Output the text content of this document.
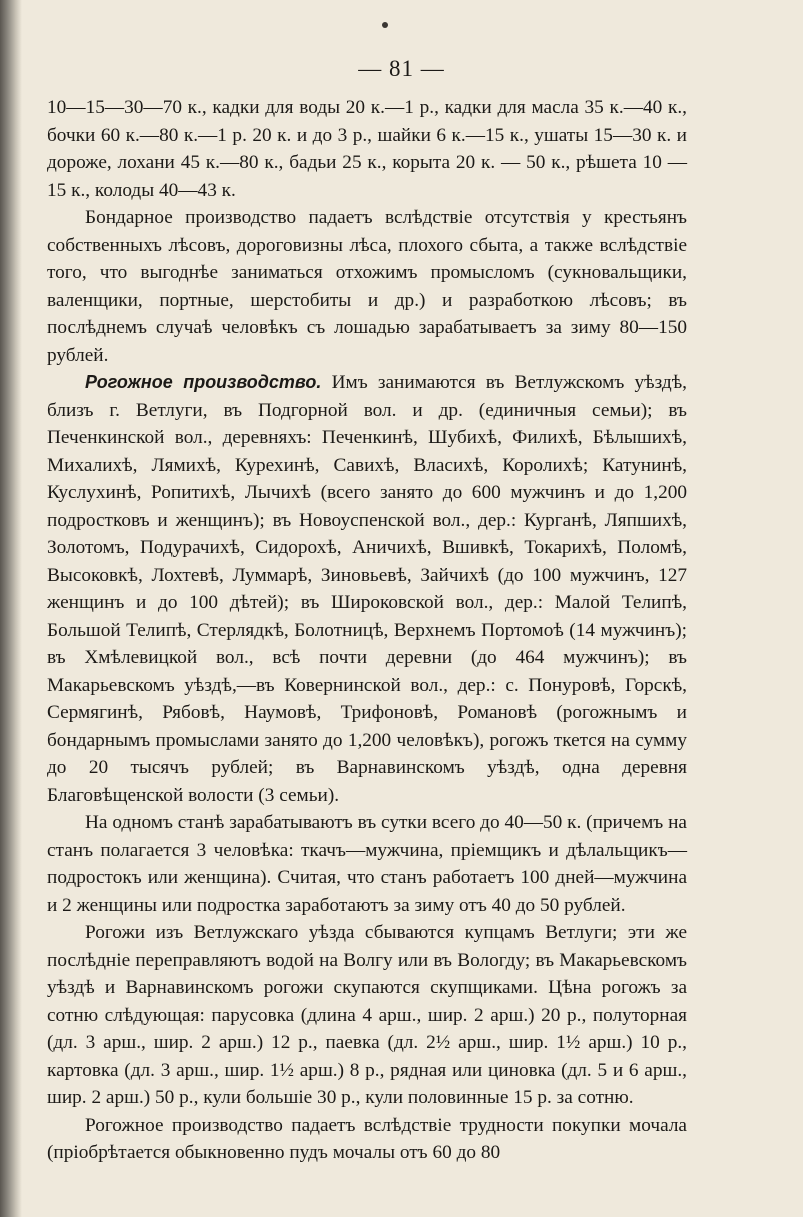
— 81 —

10—15—30—70 к., кадки для воды 20 к.—1 р., кадки для масла 35 к.—40 к., бочки 60 к.—80 к.—1 р. 20 к. и до 3 р., шайки 6 к.—15 к., ушаты 15—30 к. и дороже, лохани 45 к.—80 к., бадьи 25 к., корыта 20 к. — 50 к., рѣшета 10 — 15 к., колоды 40—43 к.

Бондарное производство падаетъ вслѣдствіе отсутствія у крестьянъ собственныхъ лѣсовъ, дороговизны лѣса, плохого сбыта, а также вслѣдствіе того, что выгоднѣе заниматься отхожимъ промысломъ (сукновальщики, валенщики, портные, шерстобиты и др.) и разработкою лѣсовъ; въ послѣднемъ случаѣ человѣкъ съ лошадью зарабатываетъ за зиму 80—150 рублей.

Рогожное производство. Имъ занимаются въ Ветлужскомъ уѣздѣ, близъ г. Ветлуги, въ Подгорной вол. и др. (единичныя семьи); въ Печенкинской вол., деревняхъ: Печенкинѣ, Шубихѣ, Филихѣ, Бѣлышихѣ, Михалихѣ, Лямихѣ, Курехинѣ, Савихѣ, Власихѣ, Королихѣ; Катунинѣ, Куслухинѣ, Ропитихѣ, Лычихѣ (всего занято до 600 мужчинъ и до 1,200 подростковъ и женщинъ); въ Новоуспенской вол., дер.: Курганѣ, Ляпшихѣ, Золотомъ, Подурачихѣ, Сидорохѣ, Аничихѣ, Вшивкѣ, Токарихѣ, Поломѣ, Высоковкѣ, Лохтевѣ, Луммарѣ, Зиновьевѣ, Зайчихѣ (до 100 мужчинъ, 127 женщинъ и до 100 дѣтей); въ Широковской вол., дер.: Малой Телипѣ, Большой Телипѣ, Стерлядкѣ, Болотницѣ, Верхнемъ Портомоѣ (14 мужчинъ); въ Хмѣлевицкой вол., всѣ почти деревни (до 464 мужчинъ); въ Макарьевскомъ уѣздѣ,—въ Ковернинской вол., дер.: с. Понуровѣ, Горскѣ, Сермягинѣ, Рябовѣ, Наумовѣ, Трифоновѣ, Романовѣ (рогожнымъ и бондарнымъ промыслами занято до 1,200 человѣкъ), рогожъ ткется на сумму до 20 тысячъ рублей; въ Варнавинскомъ уѣздѣ, одна деревня Благовѣщенской волости (3 семьи).

На одномъ станѣ зарабатываютъ въ сутки всего до 40—50 к. (причемъ на станъ полагается 3 человѣка: ткачъ—мужчина, пріемщикъ и дѣлальщикъ—подростокъ или женщина). Считая, что станъ работаетъ 100 дней—мужчина и 2 женщины или подростка заработаютъ за зиму отъ 40 до 50 рублей.

Рогожи изъ Ветлужскаго уѣзда сбываются купцамъ Ветлуги; эти же послѣдніе переправляютъ водой на Волгу или въ Вологду; въ Макарьевскомъ уѣздѣ и Варнавинскомъ рогожи скупаются скупщиками. Цѣна рогожъ за сотню слѣдующая: парусовка (длина 4 арш., шир. 2 арш.) 20 р., полуторная (дл. 3 арш., шир. 2 арш.) 12 р., паевка (дл. 2½ арш., шир. 1½ арш.) 10 р., картовка (дл. 3 арш., шир. 1½ арш.) 8 р., рядная или циновка (дл. 5 и 6 арш., шир. 2 арш.) 50 р., кули большіе 30 р., кули половинные 15 р. за сотню.

Рогожное производство падаетъ вслѣдствіе трудности покупки мочала (пріобрѣтается обыкновенно пудъ мочалы отъ 60 до 80
